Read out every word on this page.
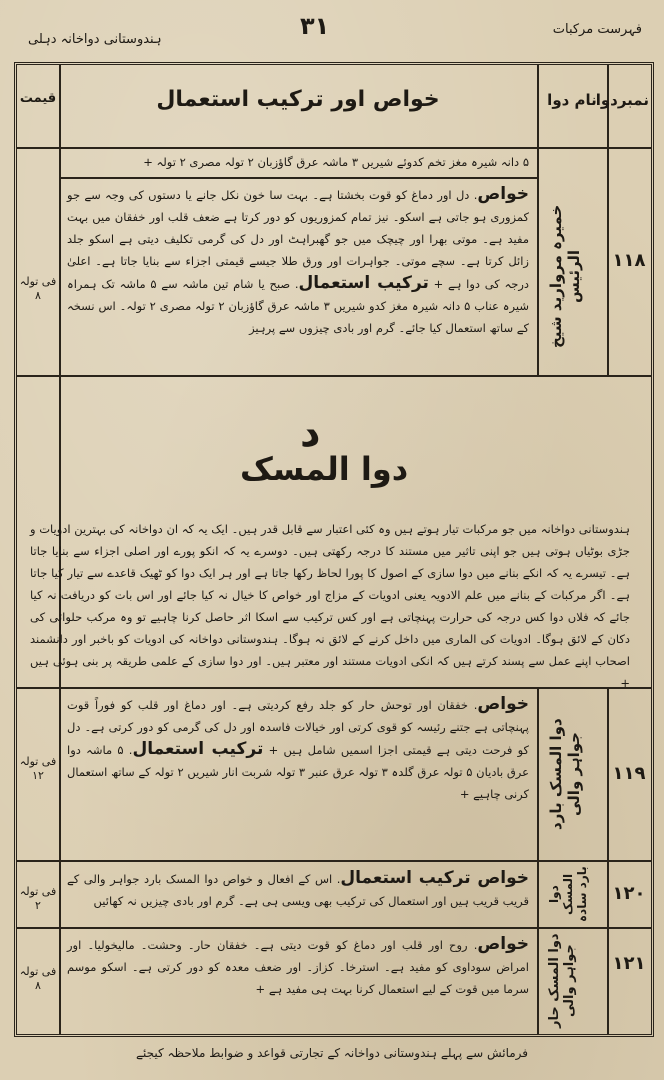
فہرست مرکبات
۳۱
ہندوستانی دواخانہ دہلی
نمبردوا
نام دوا
خواص اور ترکیب استعمال
قیمت
۵ دانہ شیرہ مغز تخم کدوئے شیریں ۳ ماشہ عرق گاؤزبان ۲ تولہ مصری ۲ تولہ +
۱۱۸
خمیرہ مروارید شیخ الرئیس
خواص. دل اور دماغ کو قوت بخشتا ہے۔ بہت سا خون نکل جانے یا دستوں کی وجہ سے جو کمزوری ہو جاتی ہے اسکو۔ نیز تمام کمزوریوں کو دور کرتا ہے ضعف قلب اور خفقان میں بہت مفید ہے۔ موتی بھرا اور چیچک میں جو گھبراہٹ اور دل کی گرمی تکلیف دیتی ہے اسکو جلد زائل کرتا ہے۔ سچے موتی۔ جواہرات اور ورق طلا جیسے قیمتی اجزاء سے بنایا جاتا ہے۔ اعلیٰ درجہ کی دوا ہے + ترکیب استعمال. صبح یا شام تین ماشہ سے ۵ ماشہ تک ہمراہ شیرہ عناب ۵ دانہ شیرہ مغز کدو شیریں ۳ ماشہ عرق گاؤزبان ۲ تولہ مصری ۲ تولہ۔ اس نسخہ کے ساتھ استعمال کیا جائے۔ گرم اور بادی چیزوں سے پرہیز
فی تولہ ۸
۱۱۹
دوا المسک بارد جواہر والی
خواص. خفقان اور توحش حار کو جلد رفع کردیتی ہے۔ اور دماغ اور قلب کو فوراً قوت پہنچاتی ہے جتنے رئیسہ کو قوی کرتی اور خیالات فاسدہ اور دل کی گرمی کو دور کرتی ہے۔ دل کو فرحت دیتی ہے قیمتی اجزا اسمیں شامل ہیں + ترکیب استعمال. ۵ ماشہ دوا عرق بادیان ۵ تولہ عرق گلدہ ۳ تولہ عرق عنبر ۳ تولہ شربت انار شیریں ۲ تولہ کے ساتھ استعمال کرنی چاہیے +
فی تولہ ۱۲
۱۲۰
دوا المسک بارد سادہ
خواص ترکیب استعمال. اس کے افعال و خواص دوا المسک بارد جواہر والی کے قریب قریب ہیں اور استعمال کی ترکیب بھی ویسی ہی ہے۔ گرم اور بادی چیزیں نہ کھائیں
فی تولہ ۲
۱۲۱
دوا المسک حار جواہر والی
خواص. روح اور قلب اور دماغ کو قوت دیتی ہے۔ خفقان حار۔ وحشت۔ مالیخولیا۔ اور امراض سوداوی کو مفید ہے۔ استرخا۔ کزاز۔ اور ضعف معدہ کو دور کرتی ہے۔ اسکو موسم سرما میں قوت کے لیے استعمال کرنا بہت ہی مفید ہے +
فی تولہ ۸
د
دوا المسک
ہندوستانی دواخانہ میں جو مرکبات تیار ہوتے ہیں وہ کئی اعتبار سے قابل قدر ہیں۔ ایک یہ کہ ان دواخانہ کی بہترین ادویات و جڑی بوٹیاں ہوتی ہیں جو اپنی تاثیر میں مستند کا درجہ رکھتی ہیں۔ دوسرے یہ کہ انکو پورے اور اصلی اجزاء سے بنایا جاتا ہے۔ تیسرے یہ کہ انکے بنانے میں دوا سازی کے اصول کا پورا لحاظ رکھا جاتا ہے اور ہر ایک دوا کو ٹھیک قاعدے سے تیار کیا جاتا ہے۔ اگر مرکبات کے بنانے میں علم الادویہ یعنی ادویات کے مزاج اور خواص کا خیال نہ کیا جائے اور اس بات کو دریافت نہ کیا جائے کہ فلاں دوا کس درجہ کی حرارت پہنچاتی ہے اور کس ترکیب سے اسکا اثر حاصل کرنا چاہیے تو وہ مرکب حلوائی کی دکان کے لائق ہوگا۔ ادویات کی الماری میں داخل کرنے کے لائق نہ ہوگا۔ ہندوستانی دواخانہ کی ادویات کو باخبر اور دانشمند اصحاب اپنے عمل سے پسند کرتے ہیں کہ انکی ادویات مستند اور معتبر ہیں۔ اور دوا سازی کے علمی طریقہ پر بنی ہوئی ہیں +
فرمائش سے پہلے ہندوستانی دواخانہ کے تجارتی قواعد و ضوابط ملاحظہ کیجئے
